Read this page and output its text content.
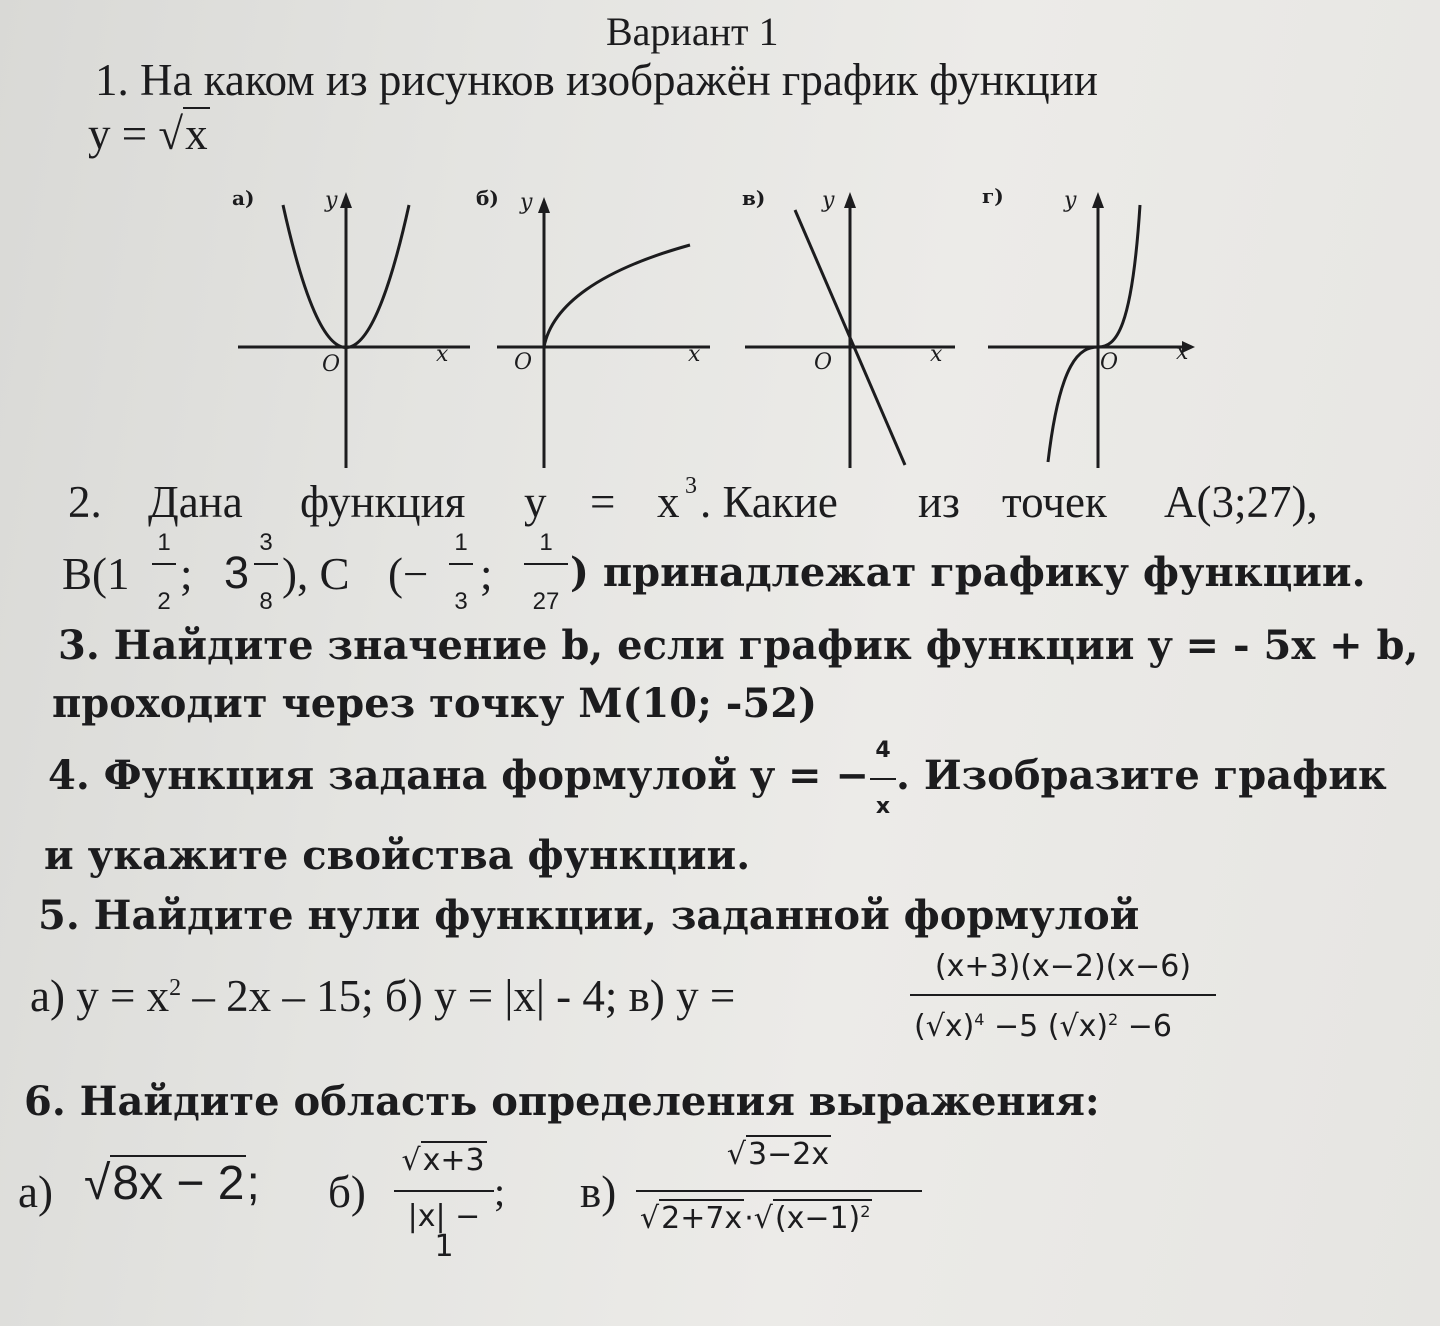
Вариант 1
1. На каком из рисунков изображён график функции
y = √x
а)	y
O	x
б) y
O	x
в)	y
O	x
г)	y
O	x
2. Дана функция y = x 3 . Какие из точек A(3;27),
B(1
1
2
; 3
3
8
), C (−
1
3
;
1
27
) принадлежат графику функции.
3. Найдите значение b, если график функции y = - 5x + b,
проходит через точку M(10; -52)
4. Функция задана формулой y = −
4
x
. Изобразите график
и укажите свойства функции.
5. Найдите нули функции, заданной формулой
а) $y = x^2 - 2x - 15$; б) y = |x| - 4; в) y =
(x+3)(x−2)(x−6)
$(√x)^4 -5$ $(√x)^2 -6$
6. Найдите область определения выражения:
а) √8x − 2; б)
√x+3
|x| − 1
; в)
√3−2x
$√2+7x\cdot√(x-1)^2$
